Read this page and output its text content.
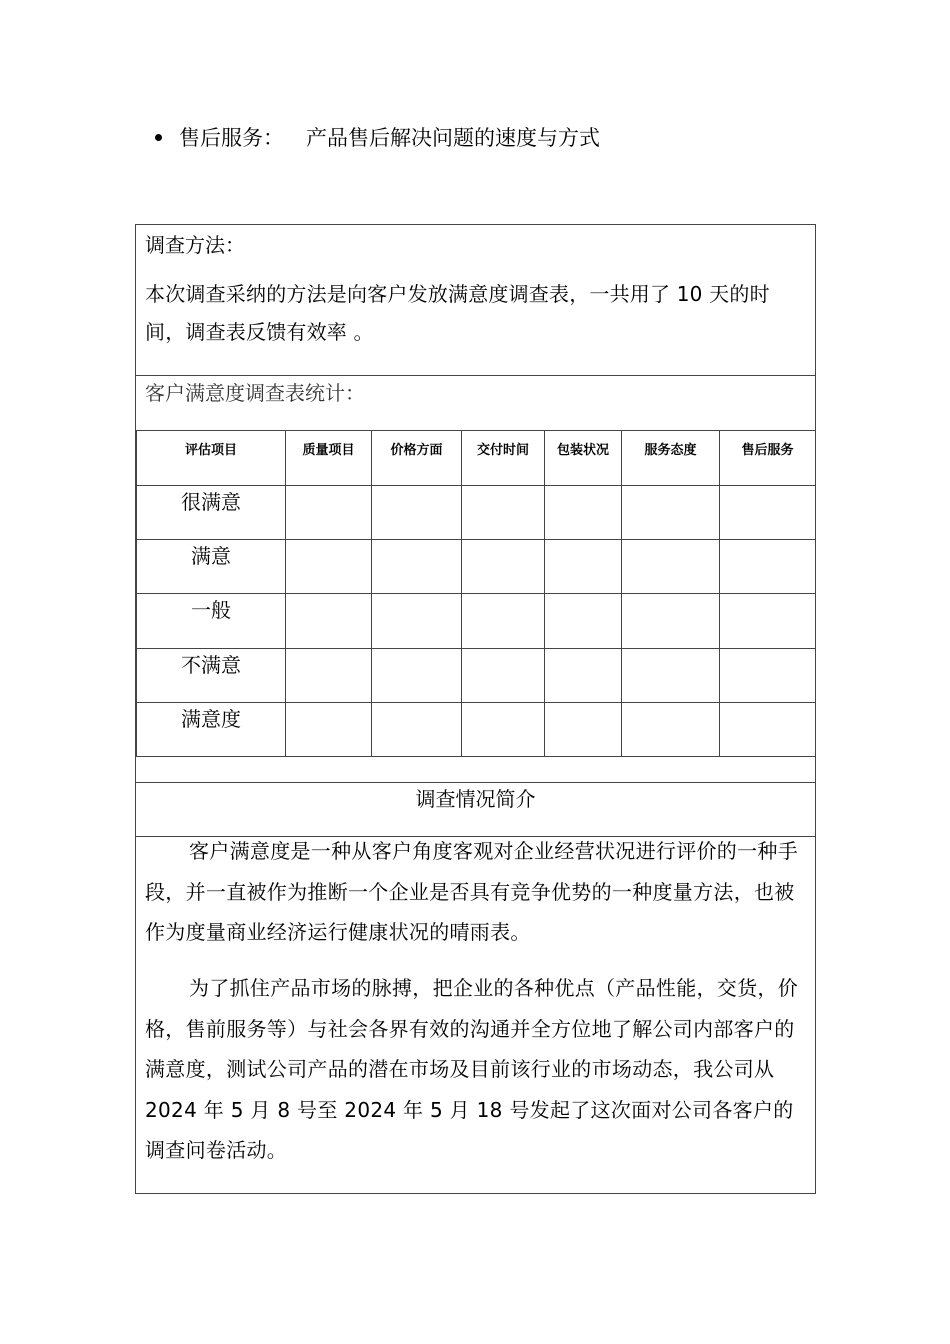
售后服务： 产品售后解决问题的速度与方式
调查方法：
本次调查采纳的方法是向客户发放满意度调查表，一共用了 10 天的时间，调查表反馈有效率 。
客户满意度调查表统计：
评估项目	质量项目	价格方面	交付时间	包装状况	服务态度	售后服务
很满意						
满意						
一般						
不满意						
满意度						
调查情况简介
客户满意度是一种从客户角度客观对企业经营状况进行评价的一种手段，并一直被作为推断一个企业是否具有竞争优势的一种度量方法，也被作为度量商业经济运行健康状况的晴雨表。
为了抓住产品市场的脉搏，把企业的各种优点（产品性能，交货，价格，售前服务等）与社会各界有效的沟通并全方位地了解公司内部客户的满意度，测试公司产品的潜在市场及目前该行业的市场动态，我公司从 2024 年 5 月 8 号至 2024 年 5 月 18 号发起了这次面对公司各客户的调查问卷活动。
